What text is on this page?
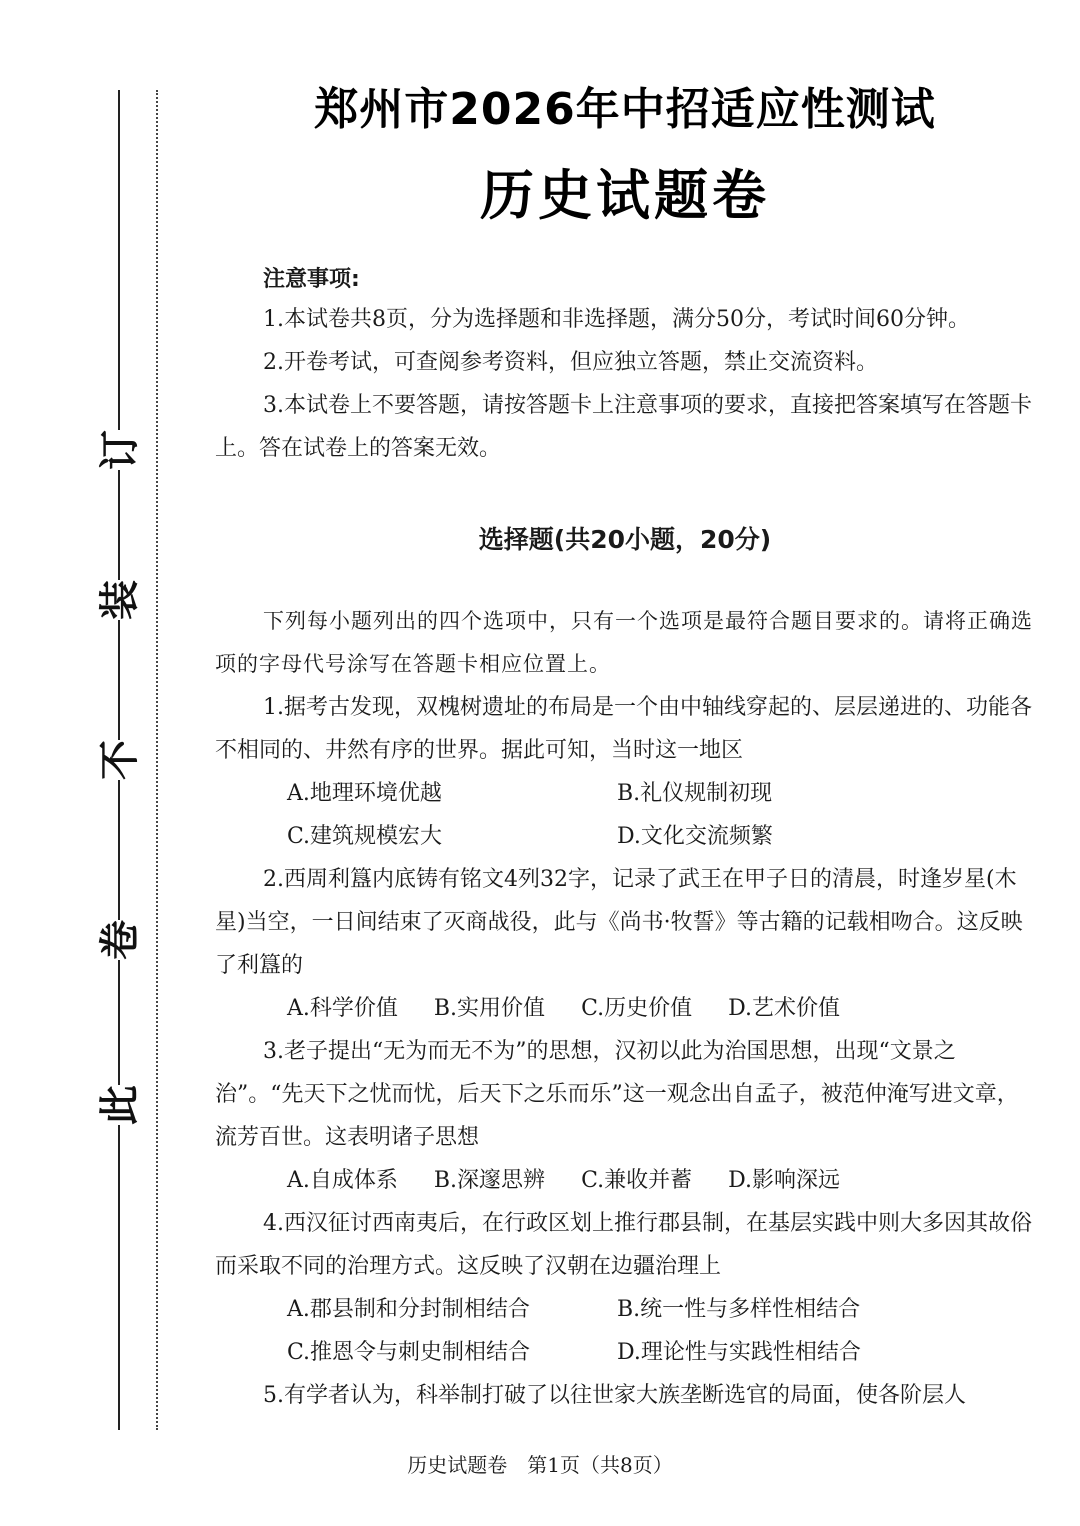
此
卷
不
装
订
郑州市2026年中招适应性测试
历史试题卷
注意事项:

1.本试卷共8页，分为选择题和非选择题，满分50分，考试时间60分钟。

2.开卷考试，可查阅参考资料，但应独立答题，禁止交流资料。

3.本试卷上不要答题，请按答题卡上注意事项的要求，直接把答案填写在答题卡上。答在试卷上的答案无效。

选择题(共20小题，20分)

下列每小题列出的四个选项中，只有一个选项是最符合题目要求的。请将正确选项的字母代号涂写在答题卡相应位置上。

1.据考古发现，双槐树遗址的布局是一个由中轴线穿起的、层层递进的、功能各不相同的、井然有序的世界。据此可知，当时这一地区

A.地理环境优越	B.礼仪规制初现
C.建筑规模宏大	D.文化交流频繁

2.西周利簋内底铸有铭文4列32字，记录了武王在甲子日的清晨，时逢岁星(木星)当空，一日间结束了灭商战役，此与《尚书·牧誓》等古籍的记载相吻合。这反映了利簋的

A.科学价值 B.实用价值 C.历史价值 D.艺术价值

3.老子提出“无为而无不为”的思想，汉初以此为治国思想，出现“文景之治”。“先天下之忧而忧，后天下之乐而乐”这一观念出自孟子，被范仲淹写进文章，流芳百世。这表明诸子思想

A.自成体系 B.深邃思辨 C.兼收并蓄 D.影响深远

4.西汉征讨西南夷后，在行政区划上推行郡县制，在基层实践中则大多因其故俗而采取不同的治理方式。这反映了汉朝在边疆治理上

A.郡县制和分封制相结合	B.统一性与多样性相结合
C.推恩令与刺史制相结合	D.理论性与实践性相结合

5.有学者认为，科举制打破了以往世家大族垄断选官的局面，使各阶层人

历史试题卷　第1页（共8页）
